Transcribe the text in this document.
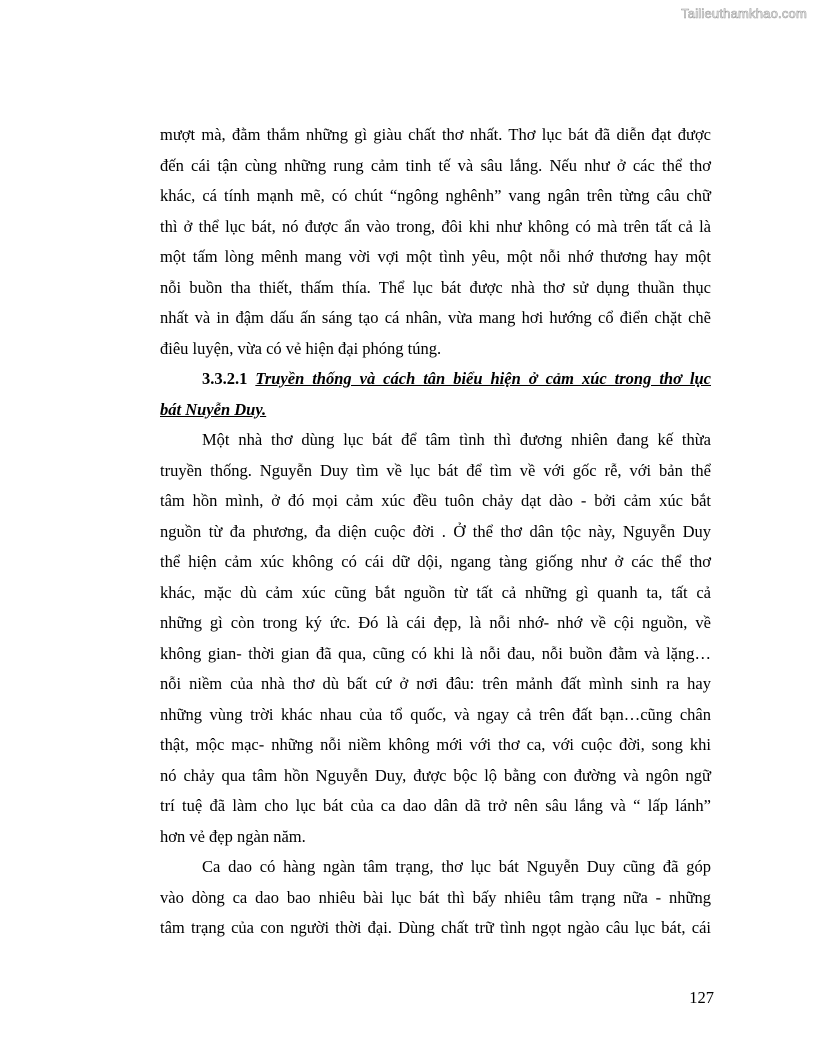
Tailieuthamkhao.com
mượt mà, đằm thắm những gì giàu chất thơ nhất. Thơ lục bát đã diễn đạt được
đến cái tận cùng những rung cảm tinh tế và sâu lắng. Nếu như ở các thể thơ
khác, cá tính mạnh mẽ, có chút “ngông nghênh” vang ngân trên từng câu chữ
thì ở thể lục bát, nó được ẩn vào trong, đôi khi như không có mà trên tất cả là
một tấm lòng mênh mang vời vợi một tình yêu, một nỗi nhớ thương hay một
nỗi buồn tha thiết, thấm thía. Thể lục bát được nhà thơ sử dụng thuần thục
nhất và in đậm dấu ấn sáng tạo cá nhân, vừa mang hơi hướng cổ điển chặt chẽ
điêu luyện, vừa có vẻ hiện đại phóng túng.
3.3.2.1 Truyền thống và cách tân biểu hiện ở cảm xúc trong thơ lục
bát Nuyễn Duy.
Một nhà thơ dùng lục bát để tâm tình thì đương nhiên đang kế thừa
truyền thống. Nguyễn Duy tìm về lục bát để tìm về với gốc rễ, với bản thể
tâm hồn mình, ở đó mọi cảm xúc đều tuôn chảy dạt dào - bởi cảm xúc bắt
nguồn từ đa phương, đa diện cuộc đời . Ở thể thơ dân tộc này, Nguyễn Duy
thể hiện cảm xúc không có cái dữ dội, ngang tàng giống như ở các thể thơ
khác, mặc dù cảm xúc cũng bắt nguồn từ tất cả những gì quanh ta, tất cả
những gì còn trong ký ức. Đó là cái đẹp, là nỗi nhớ- nhớ về cội nguồn, về
không gian- thời gian đã qua, cũng có khi là nỗi đau, nỗi buồn đằm và lặng…
nỗi niềm của nhà thơ dù bất cứ ở nơi đâu: trên mảnh đất mình sinh ra hay
những vùng trời khác nhau của tổ quốc, và ngay cả trên đất bạn…cũng chân
thật, mộc mạc- những nỗi niềm không mới với thơ ca, với cuộc đời, song khi
nó chảy qua tâm hồn Nguyễn Duy, được bộc lộ bằng con đường và ngôn ngữ
trí tuệ đã làm cho lục bát của ca dao dân dã trở nên sâu lắng và “ lấp lánh”
hơn vẻ đẹp ngàn năm.
Ca dao có hàng ngàn tâm trạng, thơ lục bát Nguyễn Duy cũng đã góp
vào dòng ca dao bao nhiêu bài lục bát thì bấy nhiêu tâm trạng nữa - những
tâm trạng của con người thời đại. Dùng chất trữ tình ngọt ngào câu lục bát, cái
127
